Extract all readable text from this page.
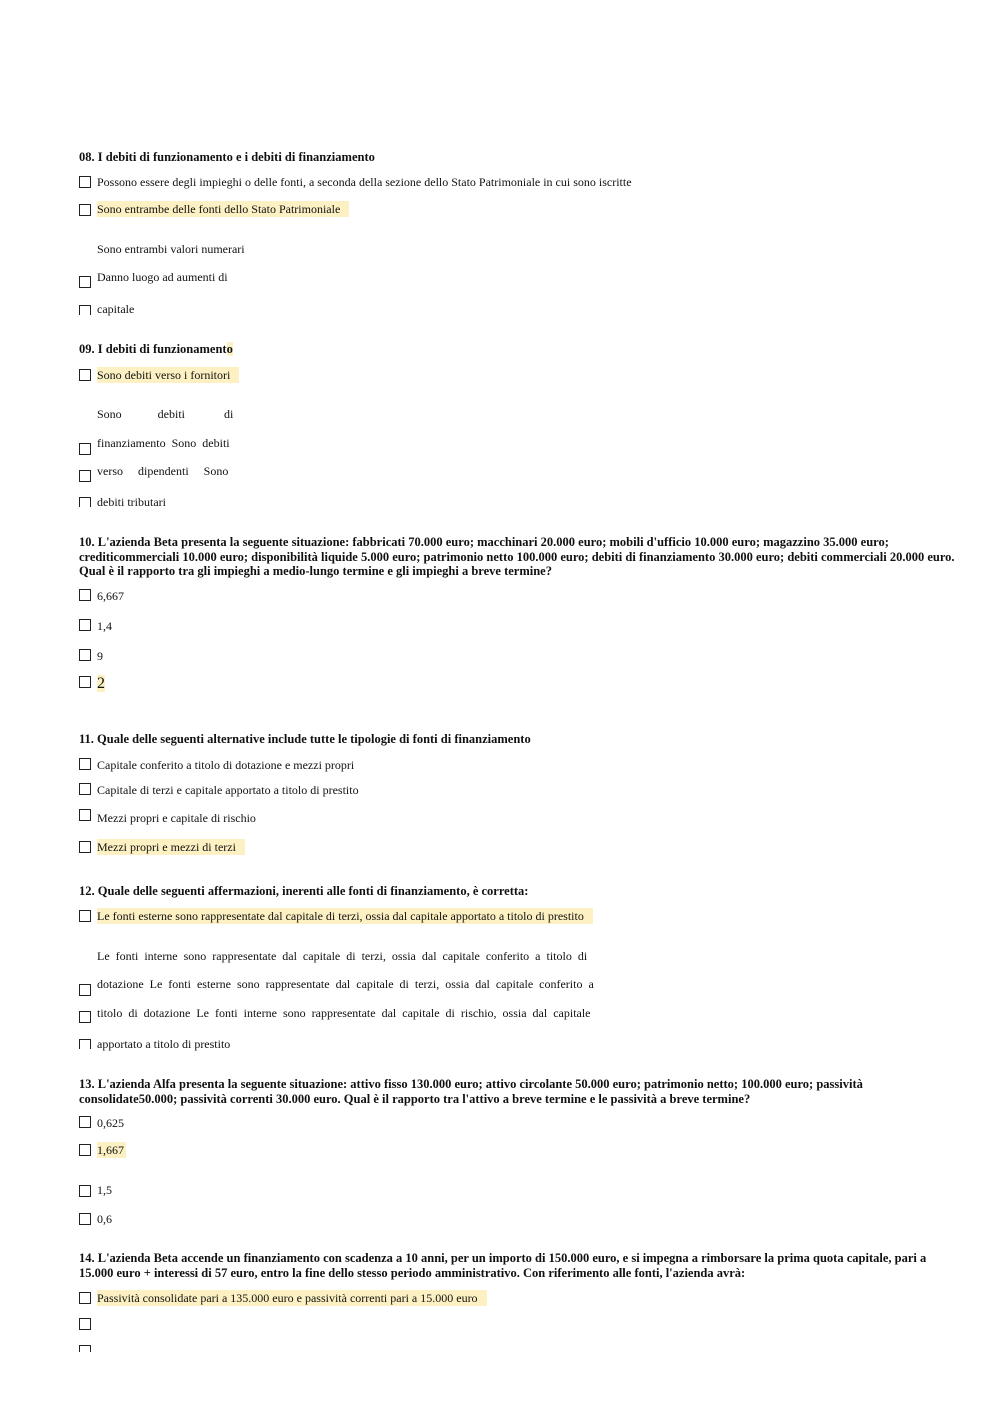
08. I debiti di funzionamento e i debiti di finanziamento
Possono essere degli impieghi o delle fonti, a seconda della sezione dello Stato Patrimoniale in cui sono iscritte
Sono entrambe delle fonti dello Stato Patrimoniale
Sono entrambi valori numerari
Danno luogo ad aumenti di
capitale
09. I debiti di funzionamento
Sono debiti verso i fornitori
Sono            debiti             di
finanziamento  Sono  debiti
verso     dipendenti     Sono
debiti tributari
10. L'azienda Beta presenta la seguente situazione: fabbricati 70.000 euro; macchinari 20.000 euro; mobili d'ufficio 10.000 euro; magazzino 35.000 euro; crediticommerciali 10.000 euro; disponibilità liquide 5.000 euro; patrimonio netto 100.000 euro; debiti di finanziamento 30.000 euro; debiti commerciali 20.000 euro. Qual è il rapporto tra gli impieghi a medio-lungo termine e gli impieghi a breve termine?
6,667
1,4
9
2
11. Quale delle seguenti alternative include tutte le tipologie di fonti di finanziamento
Capitale conferito a titolo di dotazione e mezzi propri
Capitale di terzi e capitale apportato a titolo di prestito
Mezzi propri e capitale di rischio
Mezzi propri e mezzi di terzi
12. Quale delle seguenti affermazioni, inerenti alle fonti di finanziamento, è corretta:
Le fonti esterne sono rappresentate dal capitale di terzi, ossia dal capitale apportato a titolo di prestito
Le  fonti  interne  sono  rappresentate  dal  capitale  di  terzi,  ossia  dal  capitale  conferito  a  titolo  di
dotazione  Le  fonti  esterne  sono  rappresentate  dal  capitale  di  terzi,  ossia  dal  capitale  conferito  a
titolo  di  dotazione  Le  fonti  interne  sono  rappresentate  dal  capitale  di  rischio,  ossia  dal  capitale
apportato a titolo di prestito
13. L'azienda Alfa presenta la seguente situazione: attivo fisso 130.000 euro; attivo circolante 50.000 euro; patrimonio netto; 100.000 euro; passività consolidate50.000; passività correnti 30.000 euro. Qual è il rapporto tra l'attivo a breve termine e le passività a breve termine?
0,625
1,667
1,5
0,6
14. L'azienda Beta accende un finanziamento con scadenza a 10 anni, per un importo di 150.000 euro, e si impegna a rimborsare la prima quota capitale, pari a 15.000 euro + interessi di 57 euro, entro la fine dello stesso periodo amministrativo. Con riferimento alle fonti, l'azienda avrà:
Passività consolidate pari a 135.000 euro e passività correnti pari a 15.000 euro
